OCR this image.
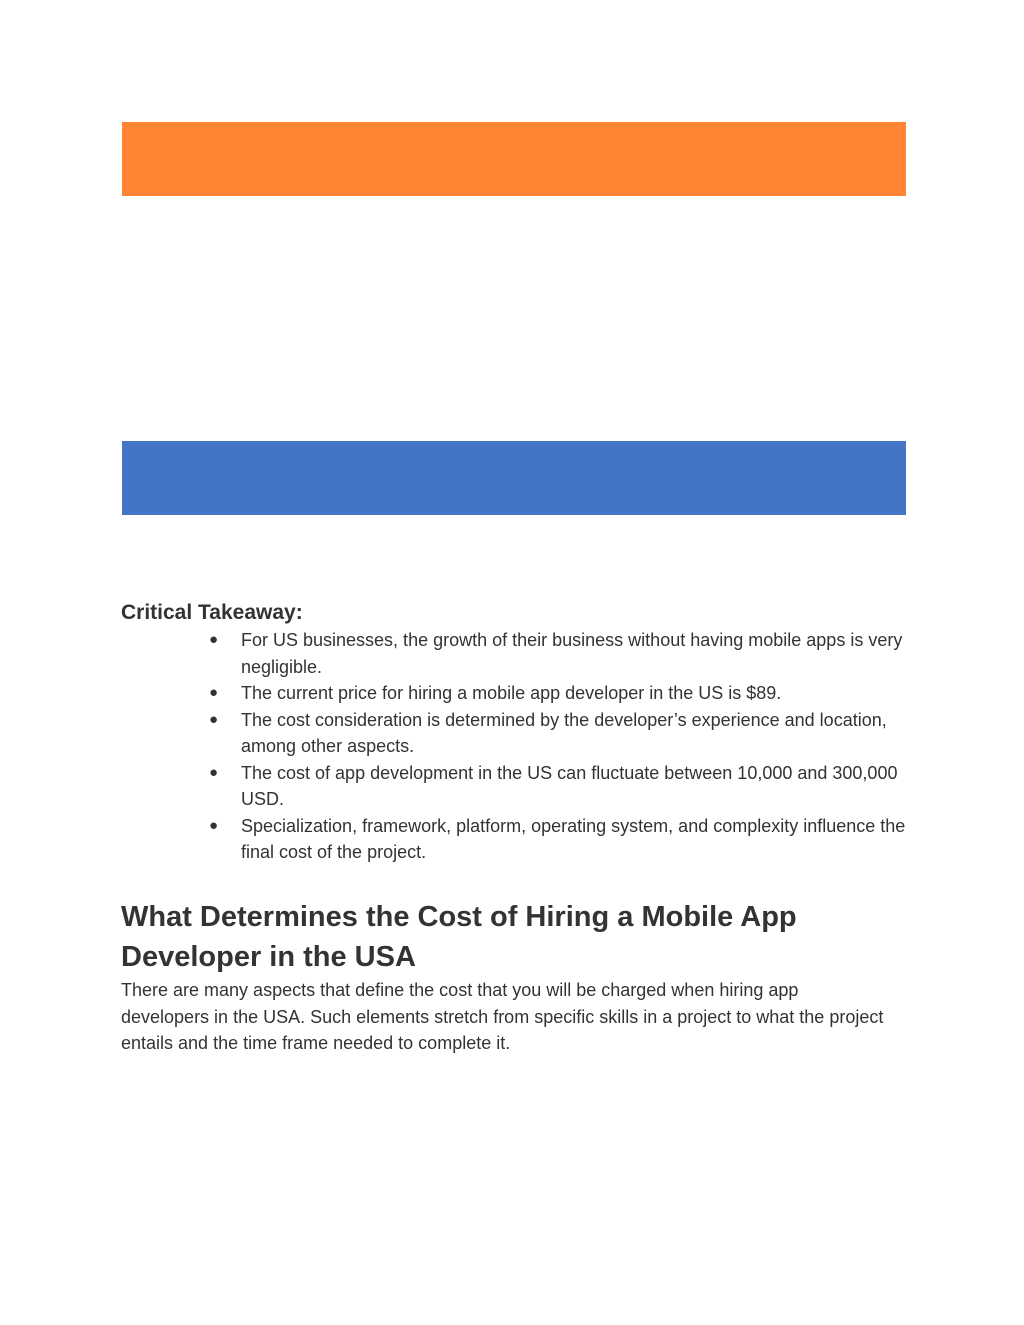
Critical Takeaway:
● For US businesses, the growth of their business without having mobile apps is very negligible.
● The current price for hiring a mobile app developer in the US is $89.
● The cost consideration is determined by the developer’s experience and location, among other aspects.
● The cost of app development in the US can fluctuate between 10,000 and 300,000 USD.
● Specialization, framework, platform, operating system, and complexity influence the final cost of the project.
What Determines the Cost of Hiring a Mobile App Developer in the USA

There are many aspects that define the cost that you will be charged when hiring app developers in the USA. Such elements stretch from specific skills in a project to what the project entails and the time frame needed to complete it.
